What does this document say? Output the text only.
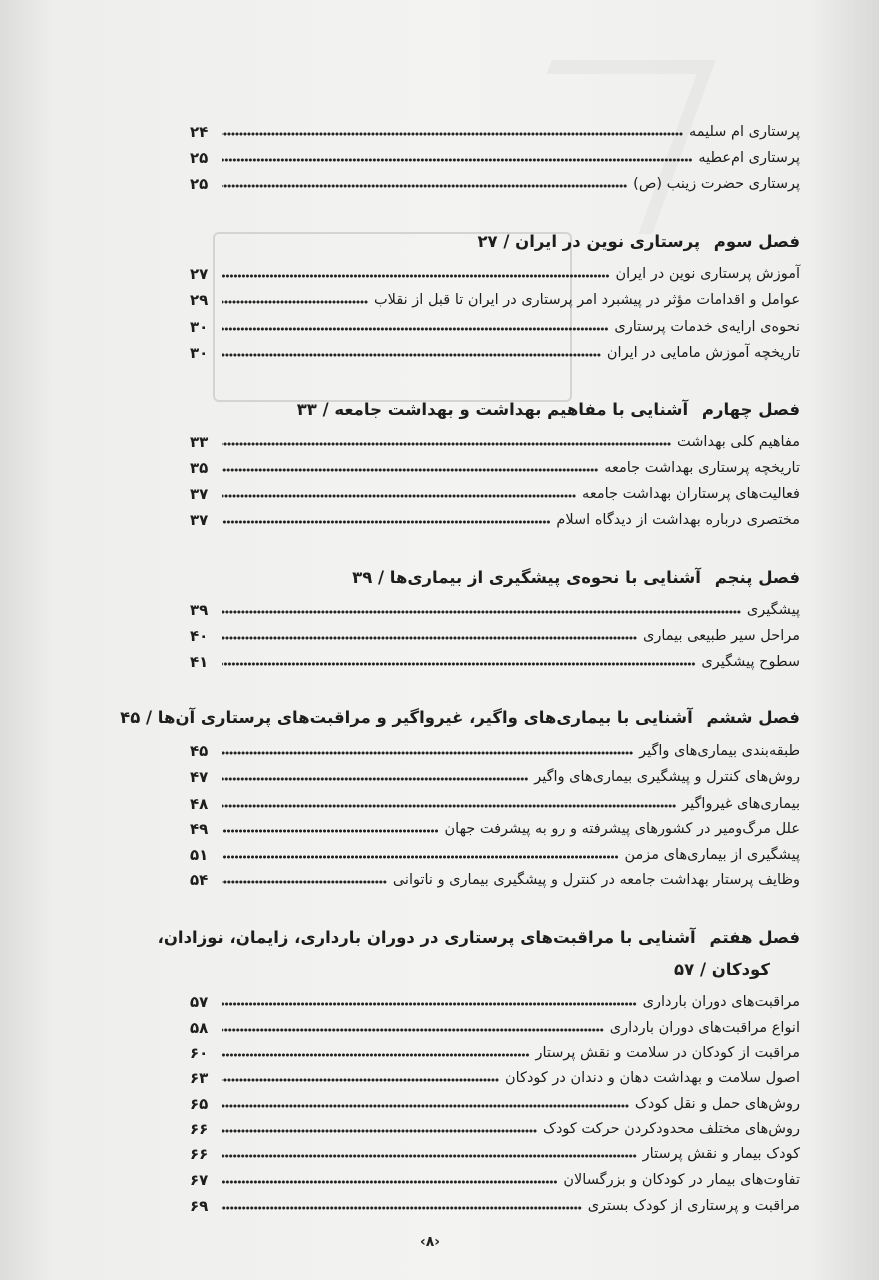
پرستاری ام سلیمه
۲۴
پرستاری ام‌عطیه
۲۵
پرستاری حضرت زینب (ص)
۲۵
فصل سوم پرستاری نوین در ایران / ۲۷
آموزش پرستاری نوین در ایران
۲۷
عوامل و اقدامات مؤثر در پیشبرد امر پرستاری در ایران تا قبل از نقلاب
۲۹
نحوه‌ی ارایه‌ی خدمات پرستاری
۳۰
تاریخچه آموزش مامایی در ایران
۳۰
فصل چهارم آشنایی با مفاهیم بهداشت و بهداشت جامعه / ۳۳
مفاهیم کلی بهداشت
۳۳
تاریخچه پرستاری بهداشت جامعه
۳۵
فعالیت‌های پرستاران بهداشت جامعه
۳۷
مختصری درباره بهداشت از دیدگاه اسلام
۳۷
فصل پنجم آشنایی با نحوه‌ی پیشگیری از بیماری‌ها / ۳۹
پیشگیری
۳۹
مراحل سیر طبیعی بیماری
۴۰
سطوح پیشگیری
۴۱
فصل ششم آشنایی با بیماری‌های واگیر، غیرواگیر و مراقبت‌های پرستاری آن‌ها / ۴۵
طبقه‌بندی بیماری‌های واگیر
۴۵
روش‌های کنترل و پیشگیری بیماری‌های واگیر
۴۷
بیماری‌های غیرواگیر
۴۸
علل مرگ‌ومیر در کشورهای پیشرفته و رو به پیشرفت جهان
۴۹
پیشگیری از بیماری‌های مزمن
۵۱
وظایف پرستار بهداشت جامعه در کنترل و پیشگیری بیماری و ناتوانی
۵۴
فصل هفتم آشنایی با مراقبت‌های پرستاری در دوران بارداری، زایمان، نوزادان،
کودکان / ۵۷
مراقبت‌های دوران بارداری
۵۷
انواع مراقبت‌های دوران بارداری
۵۸
مراقبت از کودکان در سلامت و نقش پرستار
۶۰
اصول سلامت و بهداشت دهان و دندان در کودکان
۶۳
روش‌های حمل و نقل کودک
۶۵
روش‌های مختلف محدودکردن حرکت کودک
۶۶
کودک بیمار و نقش پرستار
۶۶
تفاوت‌های بیمار در کودکان و بزرگسالان
۶۷
مراقبت و پرستاری از کودک بستری
۶۹
‹۸›
